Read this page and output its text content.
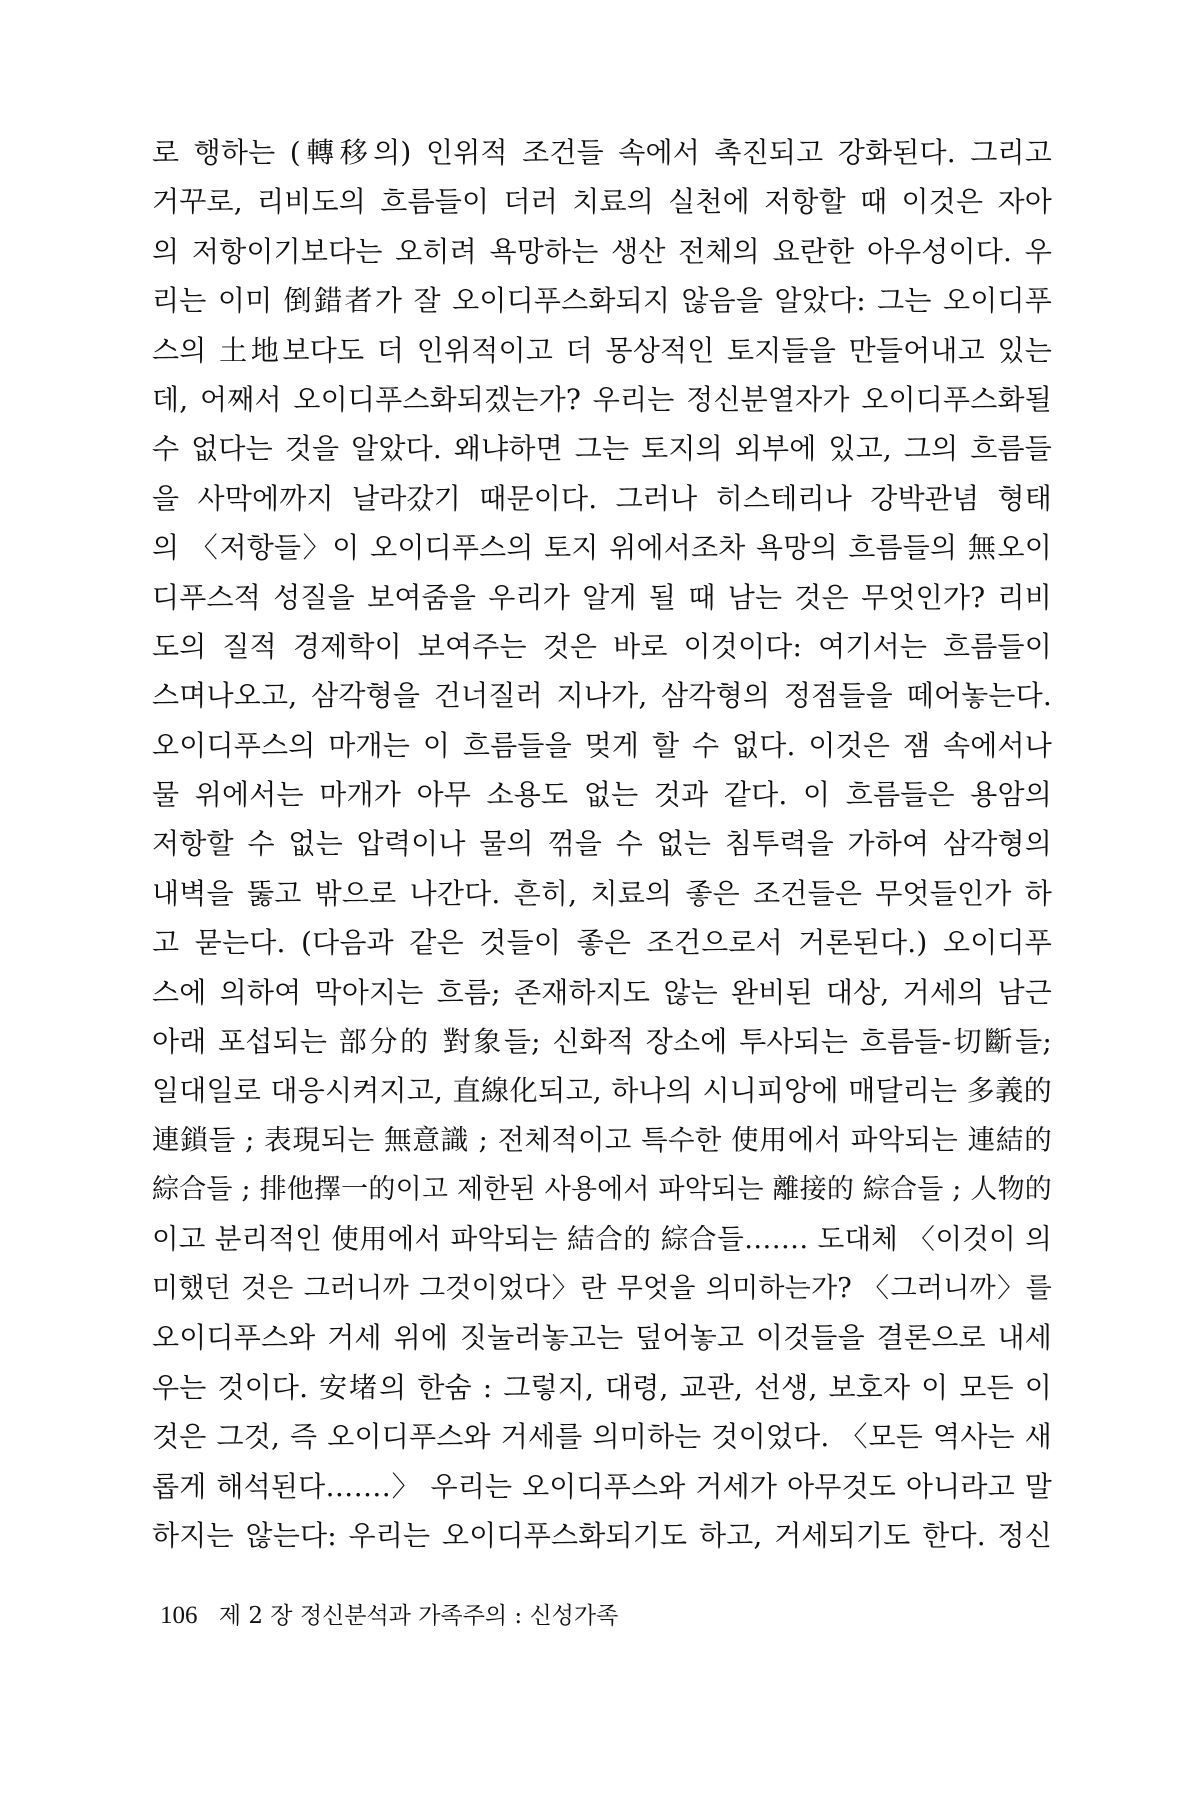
로 행하는 (轉移의) 인위적 조건들 속에서 촉진되고 강화된다. 그리고
거꾸로, 리비도의 흐름들이 더러 치료의 실천에 저항할 때 이것은 자아
의 저항이기보다는 오히려 욕망하는 생산 전체의 요란한 아우성이다. 우
리는 이미 倒錯者가 잘 오이디푸스화되지 않음을 알았다: 그는 오이디푸
스의 土地보다도 더 인위적이고 더 몽상적인 토지들을 만들어내고 있는
데, 어째서 오이디푸스화되겠는가? 우리는 정신분열자가 오이디푸스화될
수 없다는 것을 알았다. 왜냐하면 그는 토지의 외부에 있고, 그의 흐름들
을 사막에까지 날라갔기 때문이다. 그러나 히스테리나 강박관념 형태
의 〈저항들〉이 오이디푸스의 토지 위에서조차 욕망의 흐름들의 無오이
디푸스적 성질을 보여줌을 우리가 알게 될 때 남는 것은 무엇인가? 리비
도의 질적 경제학이 보여주는 것은 바로 이것이다: 여기서는 흐름들이
스며나오고, 삼각형을 건너질러 지나가, 삼각형의 정점들을 떼어놓는다.
오이디푸스의 마개는 이 흐름들을 멎게 할 수 없다. 이것은 잼 속에서나
물 위에서는 마개가 아무 소용도 없는 것과 같다. 이 흐름들은 용암의
저항할 수 없는 압력이나 물의 꺾을 수 없는 침투력을 가하여 삼각형의
내벽을 뚫고 밖으로 나간다. 흔히, 치료의 좋은 조건들은 무엇들인가 하
고 묻는다. (다음과 같은 것들이 좋은 조건으로서 거론된다.) 오이디푸
스에 의하여 막아지는 흐름; 존재하지도 않는 완비된 대상, 거세의 남근
아래 포섭되는 部分的 對象들; 신화적 장소에 투사되는 흐름들-切斷들;
일대일로 대응시켜지고, 直線化되고, 하나의 시니피앙에 매달리는 多義的
連鎖들 ; 表現되는 無意識 ; 전체적이고 특수한 使用에서 파악되는 連結的
綜合들 ; 排他擇一的이고 제한된 사용에서 파악되는 離接的 綜合들 ; 人物的
이고 분리적인 使用에서 파악되는 結合的 綜合들……. 도대체 〈이것이 의
미했던 것은 그러니까 그것이었다〉란 무엇을 의미하는가? 〈그러니까〉를
오이디푸스와 거세 위에 짓눌러놓고는 덮어놓고 이것들을 결론으로 내세
우는 것이다. 安堵의 한숨 : 그렇지, 대령, 교관, 선생, 보호자 이 모든 이
것은 그것, 즉 오이디푸스와 거세를 의미하는 것이었다. 〈모든 역사는 새
롭게 해석된다…….〉 우리는 오이디푸스와 거세가 아무것도 아니라고 말
하지는 않는다: 우리는 오이디푸스화되기도 하고, 거세되기도 한다. 정신
106 제 2 장 정신분석과 가족주의 : 신성가족
